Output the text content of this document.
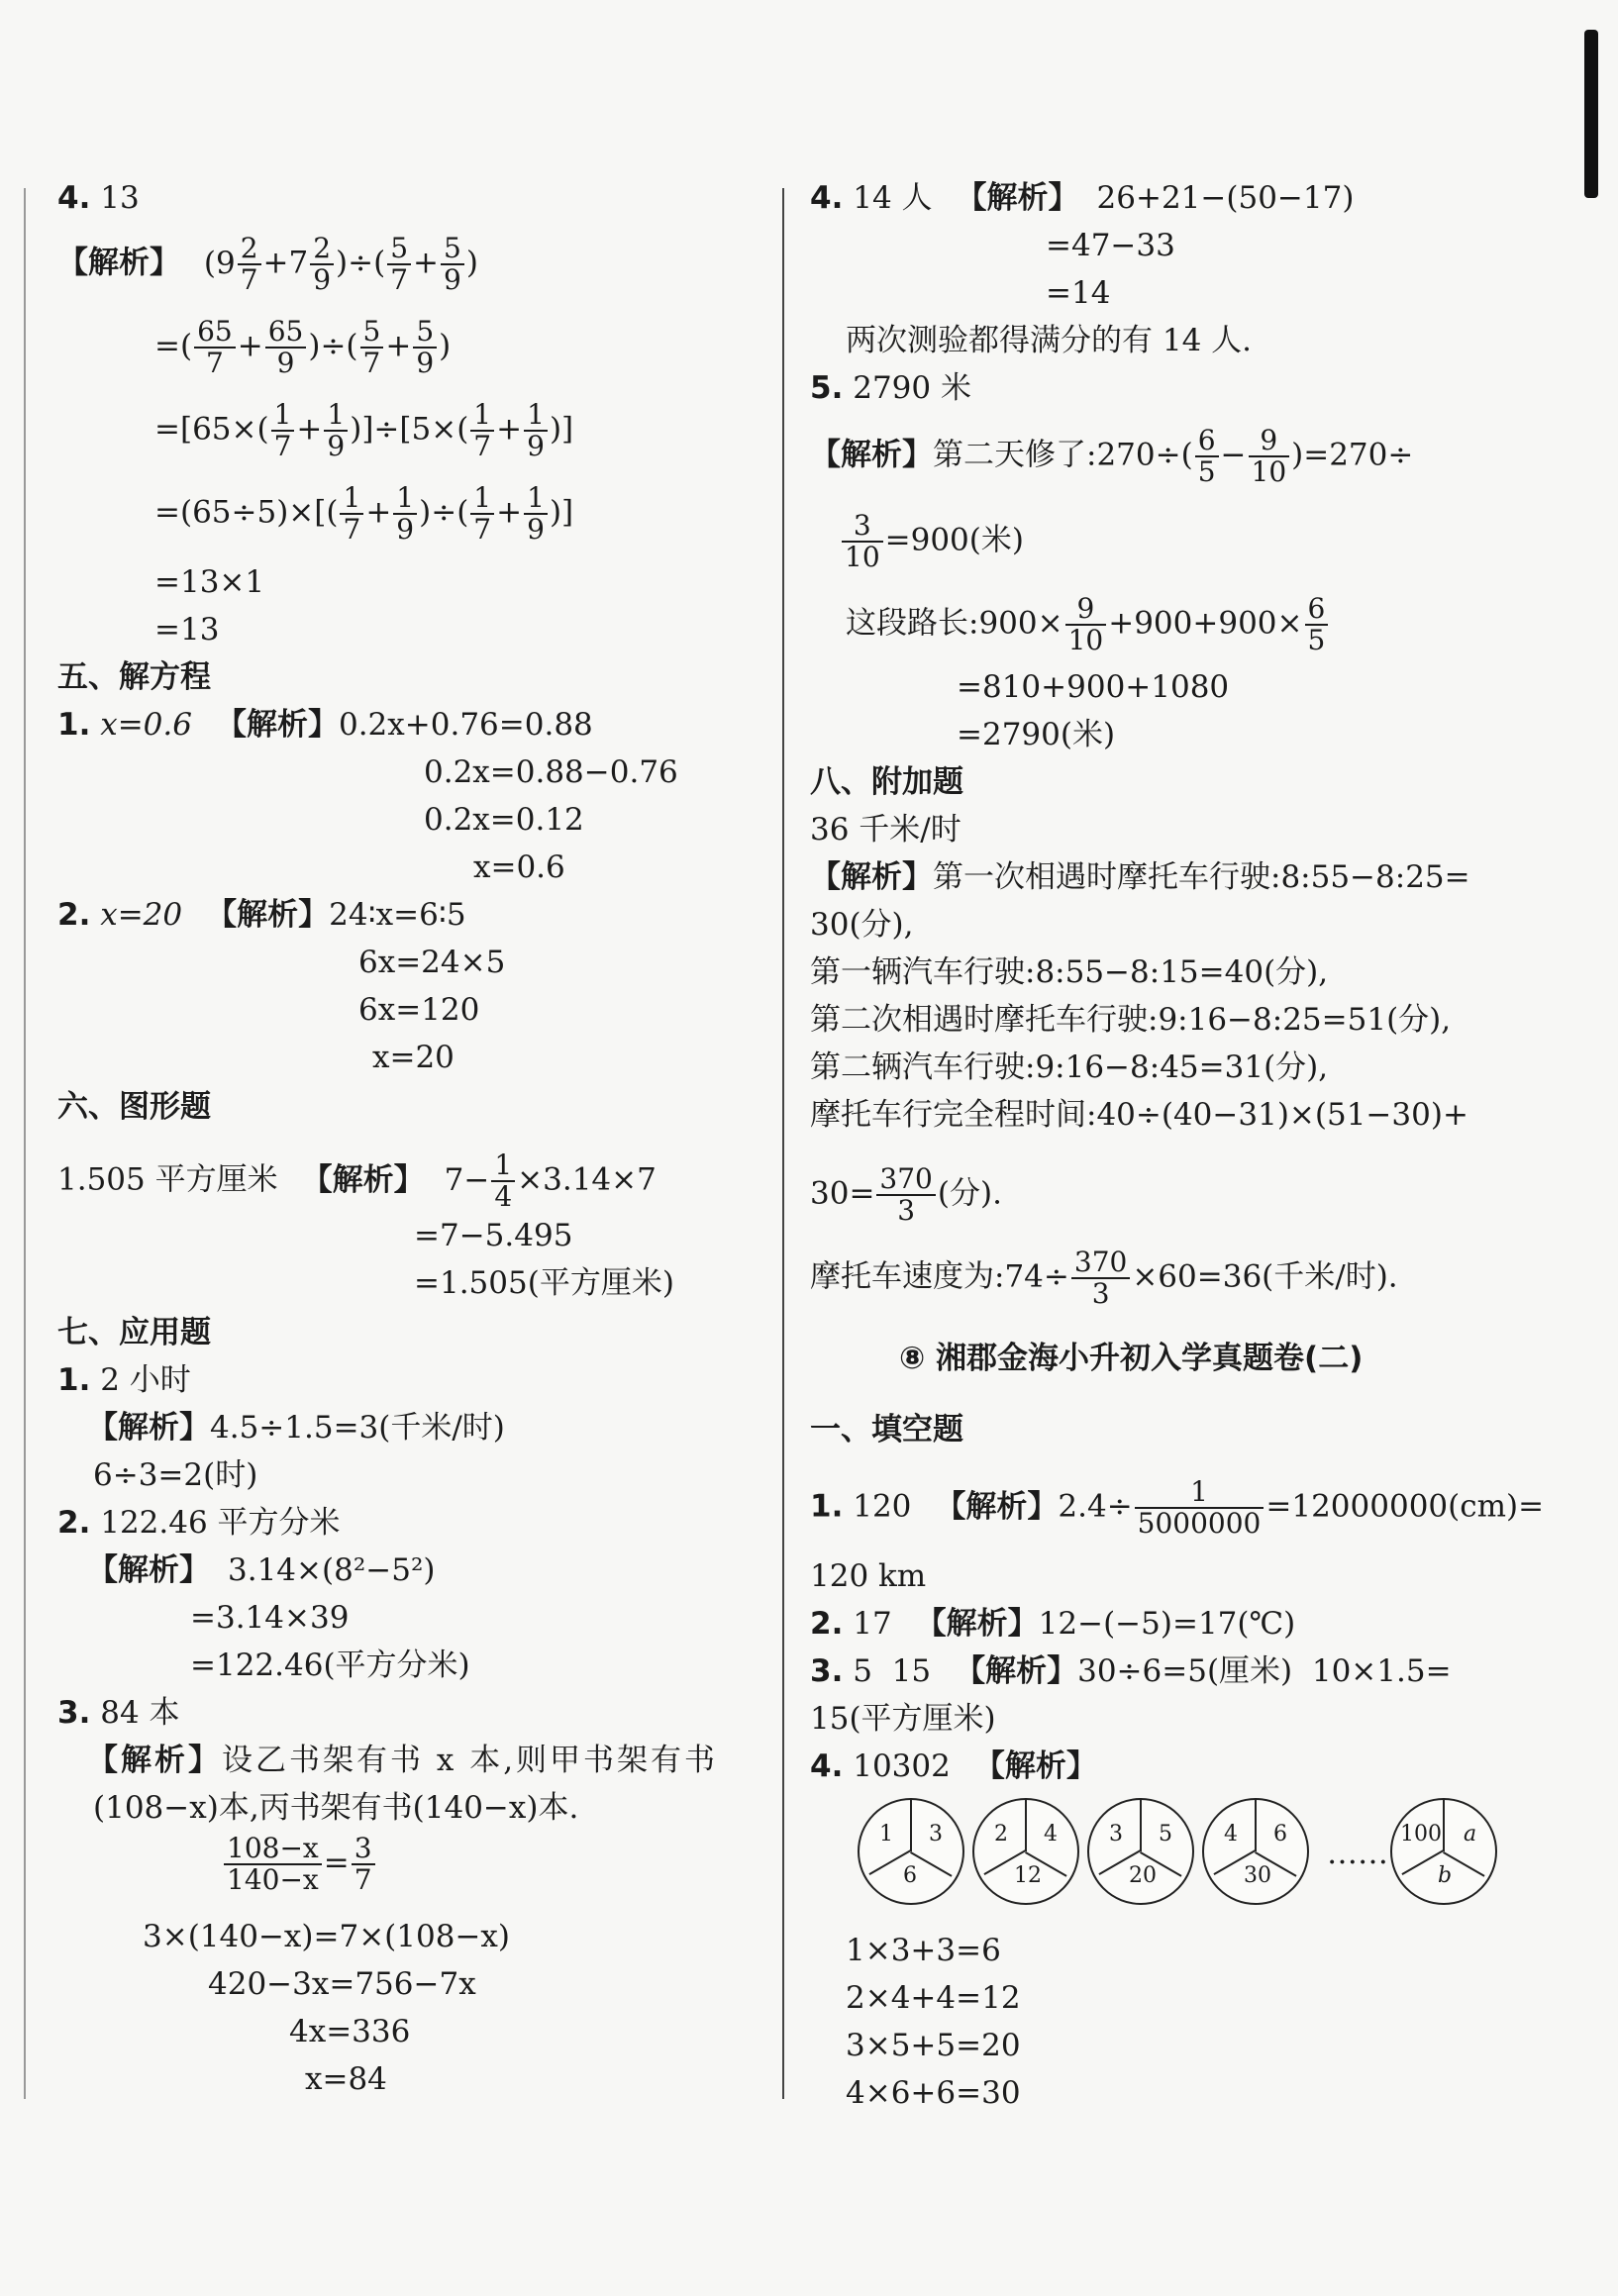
4. 13
【解析】 ($9 \frac{2}{7} +7 \frac{2}{9}$ )÷( $\frac{5}{7} + \frac{5}{9}$ )
=( $\frac{65}{7} + \frac{65}{9}$ )÷( $\frac{5}{7} + \frac{5}{9}$ )
$=[65\times( \frac{1}{7} + \frac{1}{9} )]\div[5\times( \frac{1}{7} + \frac{1}{9}$ )]
$=(65\div 5)\times[( \frac{1}{7} + \frac{1}{9}$ )÷( $\frac{1}{7} + \frac{1}{9}$ )]
=13×1
=13
五、解方程
1. x=0.6 【解析】0.2x+0.76=0.88
0.2x=0.88−0.76
0.2x=0.12
x=0.6
2. x=20 【解析】24∶x=6∶5
6x=24×5
6x=120
x=20
六、图形题
1.505 平方厘米 【解析】 $7- \frac{1}{4} \times 3.14\times 7$
=7−5.495
=1.505(平方厘米)
七、应用题
1. 2 小时
【解析】4.5÷1.5=3(千米/时)
6÷3=2(时)
2. 122.46 平方分米
【解析】 3.14×(8²−5²)
=3.14×39
=122.46(平方分米)
3. 84 本
【解析】设乙书架有书 x 本,则甲书架有书
(108−x)本,丙书架有书(140−x)本.
$\frac{108-x}{140-x} = \frac{3}{7}$
3×(140−x)=7×(108−x)
420−3x=756−7x
4x=336
x=84
4. 14 人 【解析】 26+21−(50−17)
=47−33
=14
两次测验都得满分的有 14 人.
5. 2790 米
【解析】第二天修了:270÷( $\frac{6}{5} - \frac{9}{10} )=270\div$
$\frac{3}{10} =900$(米)
这段路长:900× $\frac{9}{10} +900+900\times \frac{6}{5}$
=810+900+1080
=2790(米)
八、附加题
36 千米/时
【解析】第一次相遇时摩托车行驶:8:55−8:25=
30(分),
第一辆汽车行驶:8:55−8:15=40(分),
第二次相遇时摩托车行驶:9:16−8:25=51(分),
第二辆汽车行驶:9:16−8:45=31(分),
摩托车行完全程时间:40÷(40−31)×(51−30)+
$30= \frac{370}{3}$ (分).
摩托车速度为:74÷ $\frac{370}{3} \times 60=36$(千米/时).
⑧ 湘郡金海小升初入学真题卷(二)
一、填空题
1. 120 【解析】$2.4\div \frac{1}{5000000} =12000000(cm)=$
120 km
2. 17 【解析】12−(−5)=17(℃)
3. 5  15 【解析】30÷6=5(厘米)  10×1.5=
15(平方厘米)
4. 10302 【解析】
1 3
6
2 4
12
3 5
20
4 6
30
……
100 a
b
1×3+3=6
2×4+4=12
3×5+5=20
4×6+6=30
